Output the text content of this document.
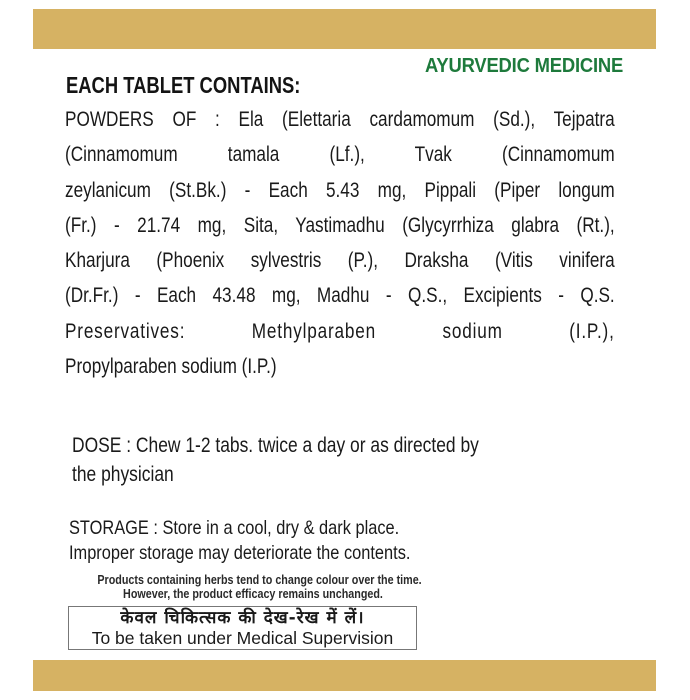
AYURVEDIC MEDICINE
EACH TABLET CONTAINS:
POWDERS OF : Ela (Elettaria cardamomum (Sd.), Tejpatra
(Cinnamomum tamala (Lf.), Tvak (Cinnamomum
zeylanicum (St.Bk.) - Each 5.43 mg, Pippali (Piper longum
(Fr.) - 21.74 mg, Sita, Yastimadhu (Glycyrrhiza glabra (Rt.),
Kharjura (Phoenix sylvestris (P.), Draksha (Vitis vinifera
(Dr.Fr.) - Each 43.48 mg, Madhu - Q.S., Excipients - Q.S.
Preservatives: Methylparaben sodium (I.P.),
Propylparaben sodium (I.P.)
DOSE : Chew 1-2 tabs. twice a day or as directed by
the physician
STORAGE : Store in a cool, dry & dark place.
Improper storage may deteriorate the contents.
Products containing herbs tend to change colour over the time.
However, the product efficacy remains unchanged.
केवल चिकित्सक की देख-रेख में लें।
To be taken under Medical Supervision
